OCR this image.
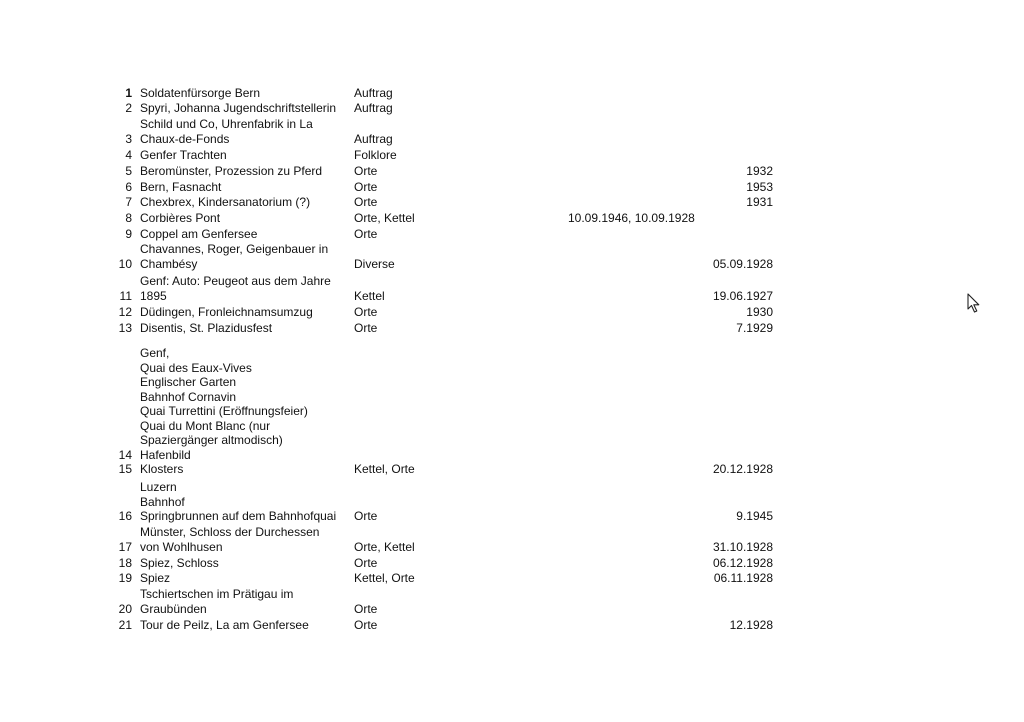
1 Soldatenfürsorge Bern	Auftrag
2 Spyri, Johanna Jugendschriftstellerin Auftrag
3
Schild und Co, Uhrenfabrik in La
Chaux-de-Fonds	Auftrag
4 Genfer Trachten	Folklore
5 Beromünster, Prozession zu Pferd	Orte	1932
6 Bern, Fasnacht	Orte	1953
7 Chexbrex, Kindersanatorium (?)	Orte	1931
8 Corbières Pont	Orte, Kettel	10.09.1946, 10.09.1928
9 Coppel am Genfersee	Orte
10
Chavannes, Roger, Geigenbauer in
Chambésy	Diverse	05.09.1928
11
Genf: Auto: Peugeot aus dem Jahre
1895	Kettel	19.06.1927
12 Düdingen, Fronleichnamsumzug	Orte	1930
13 Disentis, St. Plazidusfest	Orte	7.1929
14
Genf,
Quai des Eaux-Vives
Englischer Garten
Bahnhof Cornavin
Quai Turrettini (Eröffnungsfeier)
Quai du Mont Blanc (nur
Spaziergänger altmodisch)
Hafenbild
15 Klosters	Kettel, Orte	20.12.1928
16
Luzern
Bahnhof
Springbrunnen auf dem Bahnhofquai Orte	9.1945
17
Münster, Schloss der Durchessen
von Wohlhusen	Orte, Kettel	31.10.1928
18 Spiez, Schloss	Orte	06.12.1928
19 Spiez	Kettel, Orte	06.11.1928
20
Tschiertschen im Prätigau im
Graubünden	Orte
21 Tour de Peilz, La am Genfersee	Orte	12.1928
